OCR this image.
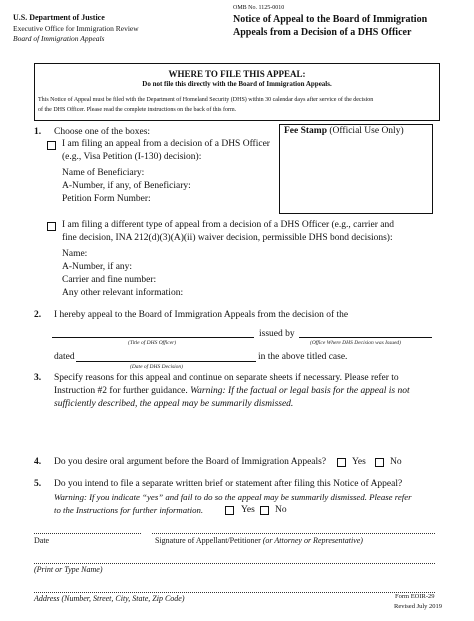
U.S. Department of Justice
Executive Office for Immigration Review
Board of Immigration Appeals
OMB No. 1125-0010
Notice of Appeal to the Board of Immigration
Appeals from a Decision of a DHS Officer
WHERE TO FILE THIS APPEAL:
Do not file this directly with the Board of Immigration Appeals.
This Notice of Appeal must be filed with the Department of Homeland Security (DHS) within 30 calendar days after service of the decision
of the DHS Officer. Please read the complete instructions on the back of this form.
1. Choose one of the boxes:
I am filing an appeal from a decision of a DHS Officer
(e.g., Visa Petition (I-130) decision):
Name of Beneficiary:
A-Number, if any, of Beneficiary:
Petition Form Number:
Fee Stamp (Official Use Only)
I am filing a different type of appeal from a decision of a DHS Officer (e.g., carrier and
fine decision, INA 212(d)(3)(A)(ii) waiver decision, permissible DHS bond decisions):
Name:
A-Number, if any:
Carrier and fine number:
Any other relevant information:
2. I hereby appeal to the Board of Immigration Appeals from the decision of the
issued by
(Title of DHS Officer)	(Office Where DHS Decision was Issued)
dated	in the above titled case.
(Date of DHS Decision)
3. Specify reasons for this appeal and continue on separate sheets if necessary. Please refer to
Instruction #2 for further guidance. Warning: If the factual or legal basis for the appeal is not
sufficiently described, the appeal may be summarily dismissed.
4. Do you desire oral argument before the Board of Immigration Appeals?	Yes	No
5. Do you intend to file a separate written brief or statement after filing this Notice of Appeal?
Warning: If you indicate “yes” and fail to do so the appeal may be summarily dismissed. Please refer
to the Instructions for further information.	Yes No
Date	Signature of Appellant/Petitioner (or Attorney or Representative)
(Print or Type Name)
Address (Number, Street, City, State, Zip Code)	Form EOIR-29
Revised July 2019
